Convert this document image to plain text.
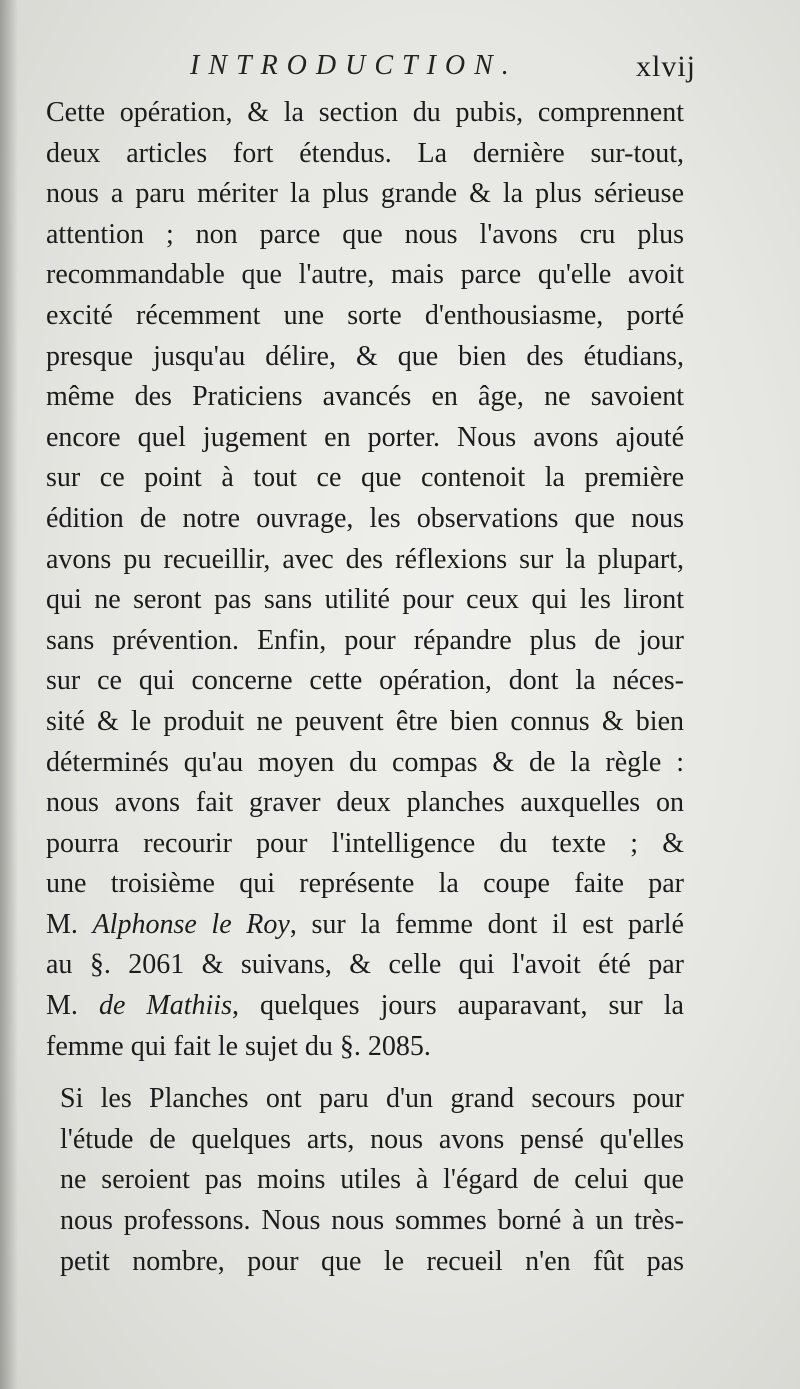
INTRODUCTION.	xlvij
Cette opération, & la section du pubis, comprennent
deux articles fort étendus. La dernière sur-tout,
nous a paru mériter la plus grande & la plus sérieuse
attention ; non parce que nous l'avons cru plus
recommandable que l'autre, mais parce qu'elle avoit
excité récemment une sorte d'enthousiasme, porté
presque jusqu'au délire, & que bien des étudians,
même des Praticiens avancés en âge, ne savoient
encore quel jugement en porter. Nous avons ajouté
sur ce point à tout ce que contenoit la première
édition de notre ouvrage, les observations que nous
avons pu recueillir, avec des réflexions sur la plupart,
qui ne seront pas sans utilité pour ceux qui les liront
sans prévention. Enfin, pour répandre plus de jour
sur ce qui concerne cette opération, dont la néces-
sité & le produit ne peuvent être bien connus & bien
déterminés qu'au moyen du compas & de la règle :
nous avons fait graver deux planches auxquelles on
pourra recourir pour l'intelligence du texte ; &
une troisième qui représente la coupe faite par
M. Alphonse le Roy, sur la femme dont il est parlé
au §. 2061 & suivans, & celle qui l'avoit été par
M. de Mathiis, quelques jours auparavant, sur la
femme qui fait le sujet du §. 2085.
Si les Planches ont paru d'un grand secours pour
l'étude de quelques arts, nous avons pensé qu'elles
ne seroient pas moins utiles à l'égard de celui que
nous professons. Nous nous sommes borné à un très-
petit nombre, pour que le recueil n'en fût pas
